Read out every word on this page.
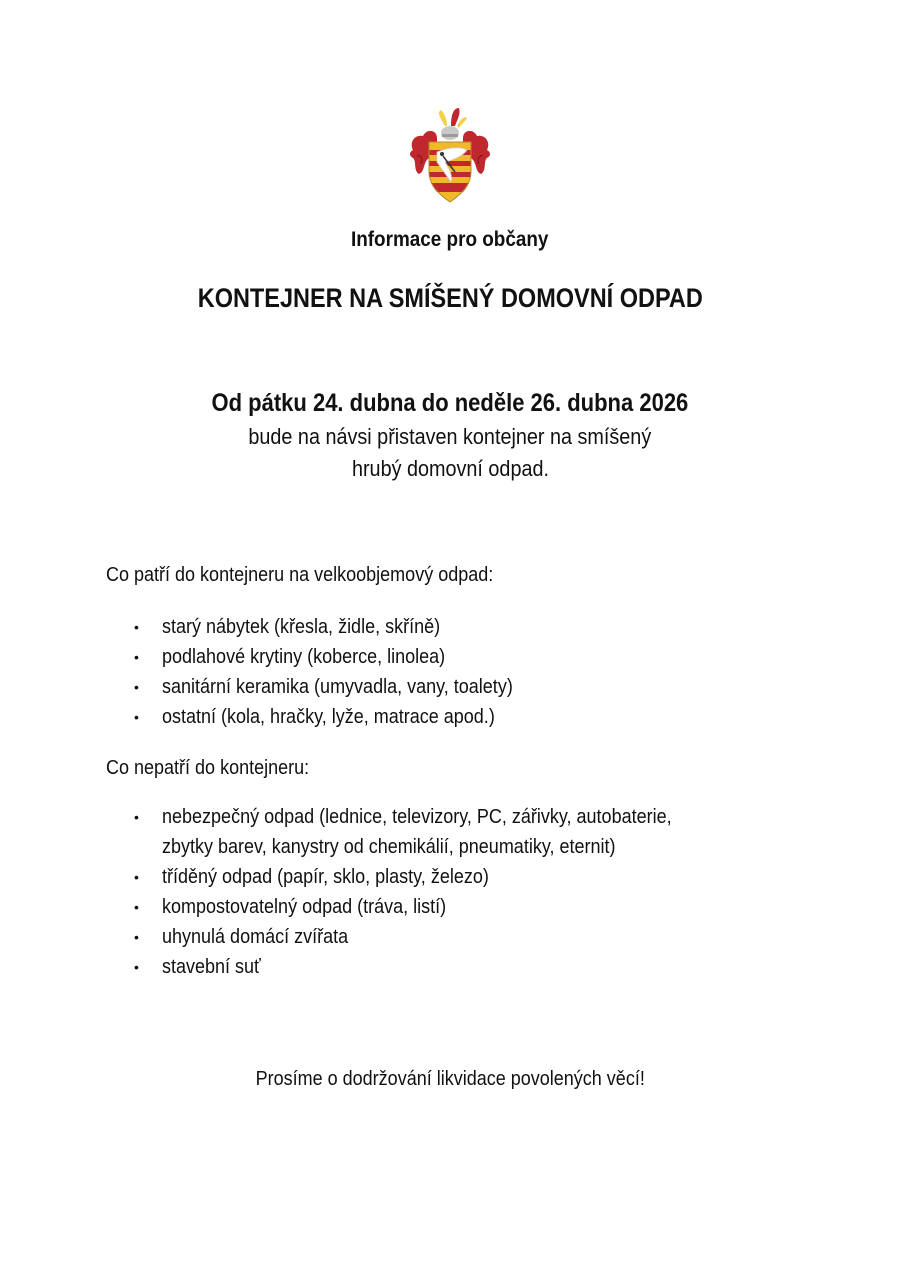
Informace pro občany
KONTEJNER NA SMÍŠENÝ DOMOVNÍ ODPAD
Od pátku 24. dubna do neděle 26. dubna 2026
bude na návsi přistaven kontejner na smíšený
hrubý domovní odpad.
Co patří do kontejneru na velkoobjemový odpad:
• starý nábytek (křesla, židle, skříně)
• podlahové krytiny (koberce, linolea)
• sanitární keramika (umyvadla, vany, toalety)
• ostatní (kola, hračky, lyže, matrace apod.)
Co nepatří do kontejneru:
• nebezpečný odpad (lednice, televizory, PC, zářivky, autobaterie,
zbytky barev, kanystry od chemikálií, pneumatiky, eternit)
• tříděný odpad (papír, sklo, plasty, železo)
• kompostovatelný odpad (tráva, listí)
• uhynulá domácí zvířata
• stavební suť
Prosíme o dodržování likvidace povolených věcí!
